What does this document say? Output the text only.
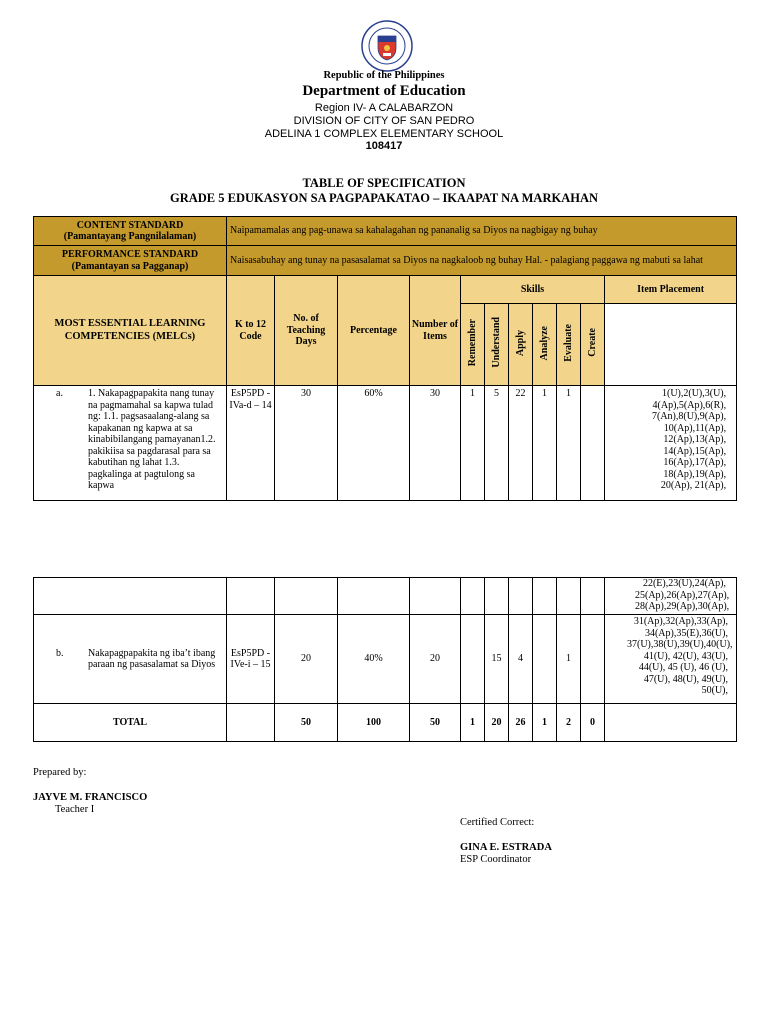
Republic of the Philippines
Department of Education
Region IV- A CALABARZON
DIVISION OF CITY OF SAN PEDRO
ADELINA 1 COMPLEX ELEMENTARY SCHOOL
108417
TABLE OF SPECIFICATION
GRADE 5 EDUKASYON SA PAGPAPAKATAO – IKAAPAT NA MARKAHAN
CONTENT STANDARD
(Pamantayang Pangnilalaman)	Naipamamalas ang pag-unawa sa kahalagahan ng pananalig sa Diyos na nagbigay ng buhay										

PERFORMANCE STANDARD
(Pamantayan sa Pagganap)	Naisasabuhay ang tunay na pasasalamat sa Diyos na nagkaloob ng buhay Hal. - palagiang paggawa ng mabuti sa lahat										
MOST ESSENTIAL LEARNING COMPETENCIES (MELCs)	K to 12 Code	No. of Teaching Days	Percentage	Number of Items	Skills						Item Placement
					Remember	Understand	Apply	Analyze	Evaluate	Create	

a. 1. Nakapagpapakita nang tunay na pagmamahal sa kapwa tulad ng: 1.1. pagsasaalang-alang sa kapakanan ng kapwa at sa kinabibilangang pamayanan1.2. pakikiisa sa pagdarasal para sa kabutihan ng lahat 1.3. pagkalinga at pagtulong sa kapwa	EsP5PD - IVa-d – 14	30	60%	30	1	5	22	1	1		1(U),2(U),3(U), 4(Ap),5(Ap),6(R), 7(An),8(U),9(Ap), 10(Ap),11(Ap), 12(Ap),13(Ap), 14(Ap),15(Ap), 16(Ap),17(Ap), 18(Ap),19(Ap), 20(Ap), 21(Ap),
											22(E),23(U),24(Ap), 25(Ap),26(Ap),27(Ap), 28(Ap),29(Ap),30(Ap),

b. Nakapagpapakita ng iba’t ibang paraan ng pasasalamat sa Diyos	EsP5PD - IVe-i – 15	20	40%	20		15	4		1		31(Ap),32(Ap),33(Ap), 34(Ap),35(E),36(U), 37(U),38(U),39(U),40(U), 41(U), 42(U), 43(U), 44(U), 45 (U), 46 (U), 47(U), 48(U), 49(U), 50(U),
TOTAL		50	100	50	1	20	26	1	2	0	
Prepared by:
JAYVE M. FRANCISCO
Teacher I
Certified Correct:
GINA E. ESTRADA
ESP Coordinator
